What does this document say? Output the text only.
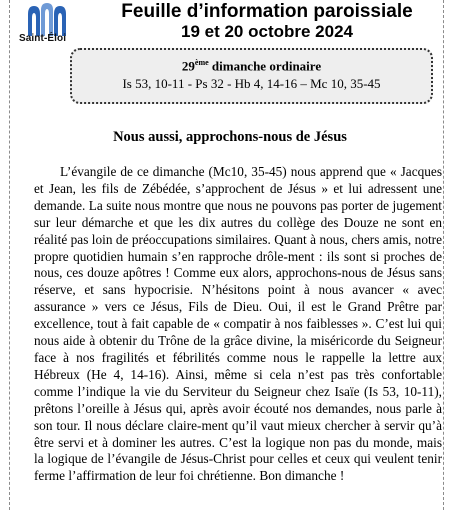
Saint-Éloi
Feuille d’information paroissiale
19 et 20 octobre 2024
29ème dimanche ordinaire
Is 53, 10-11 - Ps 32 - Hb 4, 14-16 – Mc 10, 35-45
Nous aussi, approchons-nous de Jésus

L’évangile de ce dimanche (Mc10, 35-45) nous apprend que « Jacques et Jean, les fils de Zébédée, s’approchent de Jésus » et lui adressent une demande. La suite nous montre que nous ne pouvons pas porter de jugement sur leur démarche et que les dix autres du collège des Douze ne sont en réalité pas loin de préoccupations similaires. Quant à nous, chers amis, notre propre quotidien humain s’en rapproche drôle-ment : ils sont si proches de nous, ces douze apôtres ! Comme eux alors, approchons-nous de Jésus sans réserve, et sans hypocrisie. N’hésitons point à nous avancer « avec assurance » vers ce Jésus, Fils de Dieu. Oui, il est le Grand Prêtre par excellence, tout à fait capable de « compatir à nos faiblesses ». C’est lui qui nous aide à obtenir du Trône de la grâce divine, la miséricorde du Seigneur face à nos fragilités et fébrilités comme nous le rappelle la lettre aux Hébreux (He 4, 14-16). Ainsi, même si cela n’est pas très confortable comme l’indique la vie du Serviteur du Seigneur chez Isaïe (Is 53, 10-11), prêtons l’oreille à Jésus qui, après avoir écouté nos demandes, nous parle à son tour. Il nous déclare claire-ment qu’il vaut mieux chercher à servir qu’à être servi et à dominer les autres. C’est la logique non pas du monde, mais la logique de l’évangile de Jésus-Christ pour celles et ceux qui veulent tenir ferme l’affirmation de leur foi chrétienne. Bon dimanche !
